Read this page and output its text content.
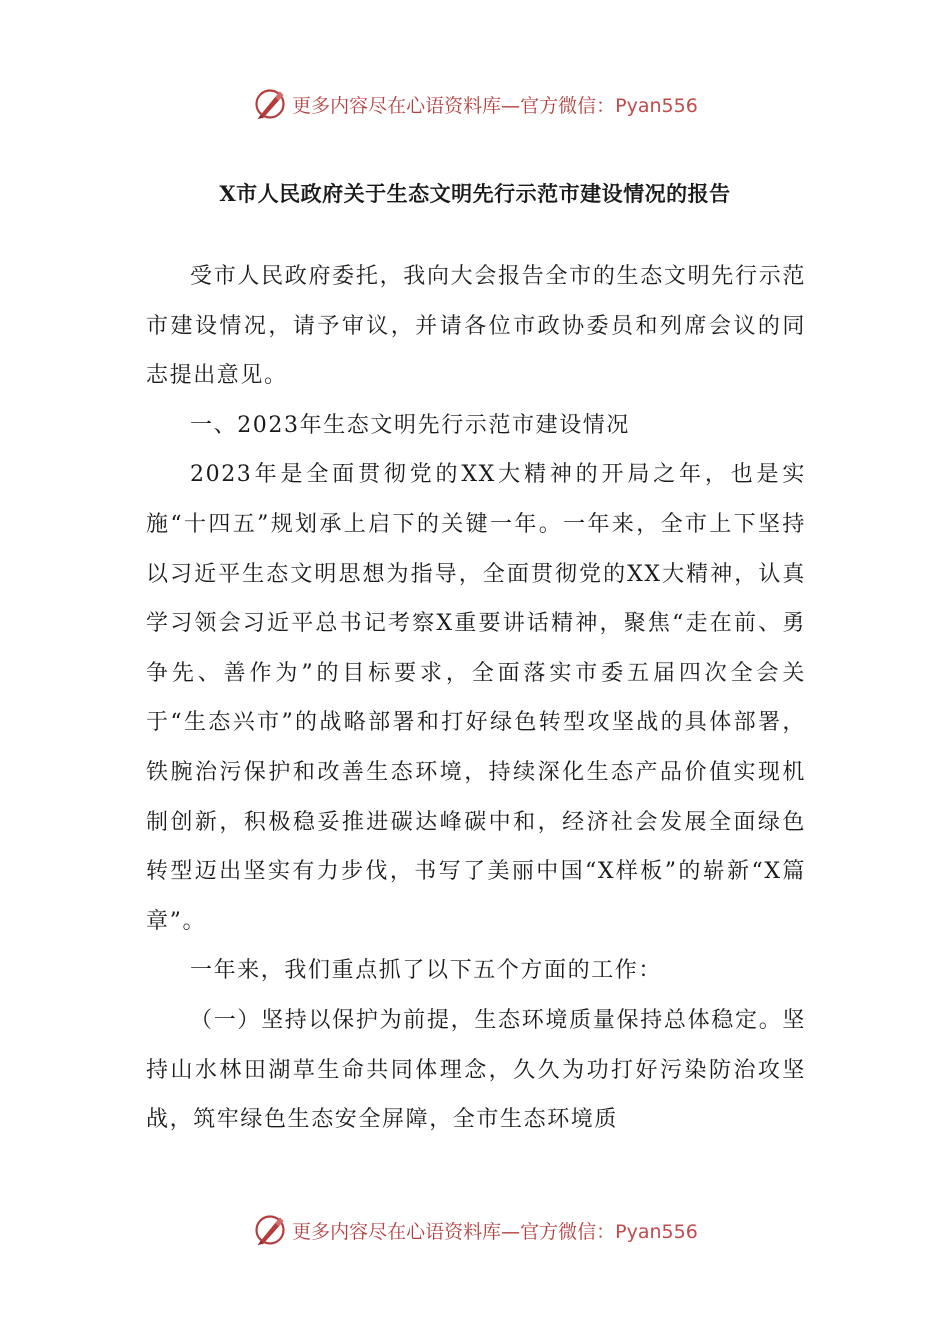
更多内容尽在心语资料库—官方微信：Pyan556
X市人民政府关于生态文明先行示范市建设情况的报告

受市人民政府委托，我向大会报告全市的生态文明先行示范市建设情况，请予审议，并请各位市政协委员和列席会议的同志提出意见。

一、2023年生态文明先行示范市建设情况

2023年是全面贯彻党的XX大精神的开局之年，也是实施“十四五”规划承上启下的关键一年。一年来，全市上下坚持以习近平生态文明思想为指导，全面贯彻党的XX大精神，认真学习领会习近平总书记考察X重要讲话精神，聚焦“走在前、勇争先、善作为”的目标要求，全面落实市委五届四次全会关于“生态兴市”的战略部署和打好绿色转型攻坚战的具体部署，铁腕治污保护和改善生态环境，持续深化生态产品价值实现机制创新，积极稳妥推进碳达峰碳中和，经济社会发展全面绿色转型迈出坚实有力步伐，书写了美丽中国“X样板”的崭新“X篇章”。

一年来，我们重点抓了以下五个方面的工作：

（一）坚持以保护为前提，生态环境质量保持总体稳定。坚持山水林田湖草生命共同体理念，久久为功打好污染防治攻坚战，筑牢绿色生态安全屏障，全市生态环境质

更多内容尽在心语资料库—官方微信：Pyan556
